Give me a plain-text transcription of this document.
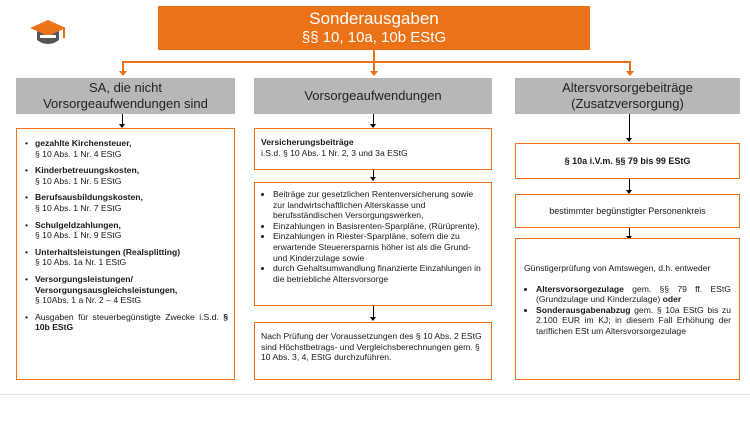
Sonderausgaben
§§ 10, 10a, 10b EStG
SA, die nicht
Vorsorgeaufwendungen sind
Vorsorgeaufwendungen
Altersvorsorgebeiträge
(Zusatzversorgung)
• gezahlte Kirchensteuer,
§ 10 Abs. 1 Nr. 4 EStG
• Kinderbetreuungskosten,
§ 10 Abs. 1 Nr. 5 EStG
• Berufsausbildungskosten,
§ 10 Abs. 1 Nr. 7 EStG
• Schulgeldzahlungen,
§ 10 Abs. 1 Nr. 9 EStG
• Unterhaltsleistungen (Realsplitting)
§ 10 Abs. 1a Nr. 1 EStG
• Versorgungsleistungen/ Versorgungsausgleichsleistungen,
§ 10Abs. 1 a Nr. 2 – 4 EStG
• Ausgaben für steuerbegünstigte Zwecke i.S.d. § 10b EStG
Versicherungsbeiträge
i.S.d. § 10 Abs. 1 Nr. 2, 3 und 3a EStG
• Beiträge zur gesetzlichen Rentenversicherung sowie zur landwirtschaftlichen Alterskasse und berufsständischen Versorgungswerken,
• Einzahlungen in Basisrenten-Sparpläne, (Rürüprente),
• Einzahlungen in Riester-Sparpläne, sofern die zu erwartende Steuerersparnis höher ist als die Grund- und Kinderzulage sowie
• durch Gehaltsumwandlung finanzierte Einzahlungen in die betriebliche Altersvorsorge
Nach Prüfung der Voraussetzungen des § 10 Abs. 2 EStG sind Höchstbetrags- und Vergleichsberechnungen gem. § 10 Abs. 3, 4, EStG durchzuführen.
§ 10a i.V.m. §§ 79 bis 99 EStG
bestimmter begünstigter Personenkreis
Günstigerprüfung von Amtswegen, d.h. entweder
• Altersvorsorgezulage gem. §§ 79 ff. EStG (Grundzulage und Kinderzulage) oder
• Sonderausgabenabzug gem. § 10a EStG bis zu 2.100 EUR im KJ; in diesem Fall Erhöhung der tariflichen ESt um Altersvorsorgezulage
